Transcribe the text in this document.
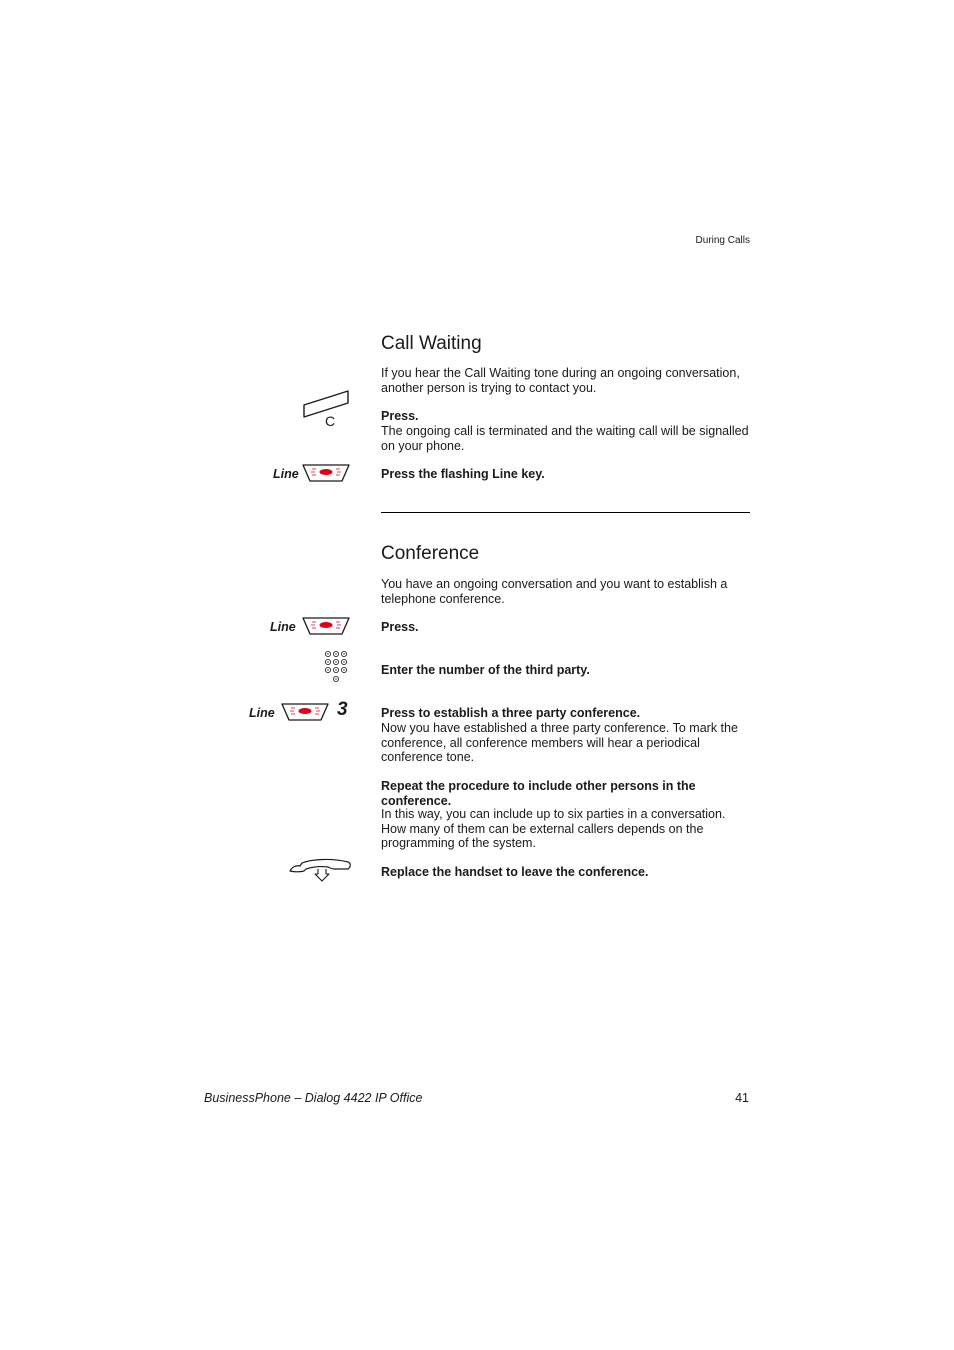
During Calls
Call Waiting
If you hear the Call Waiting tone during an ongoing conversation, another person is trying to contact you.
C	Press.
The ongoing call is terminated and the waiting call will be signalled on your phone.
Line	Press the flashing Line key.
Conference
You have an ongoing conversation and you want to establish a telephone conference.
Line	Press.
Enter the number of the third party.
Line	3	Press to establish a three party conference.
Now you have established a three party conference. To mark the conference, all conference members will hear a periodical conference tone.
Repeat the procedure to include other persons in the conference.
In this way, you can include up to six parties in a conversation. How many of them can be external callers depends on the programming of the system.
Replace the handset to leave the conference.
BusinessPhone – Dialog 4422 IP Office	41
